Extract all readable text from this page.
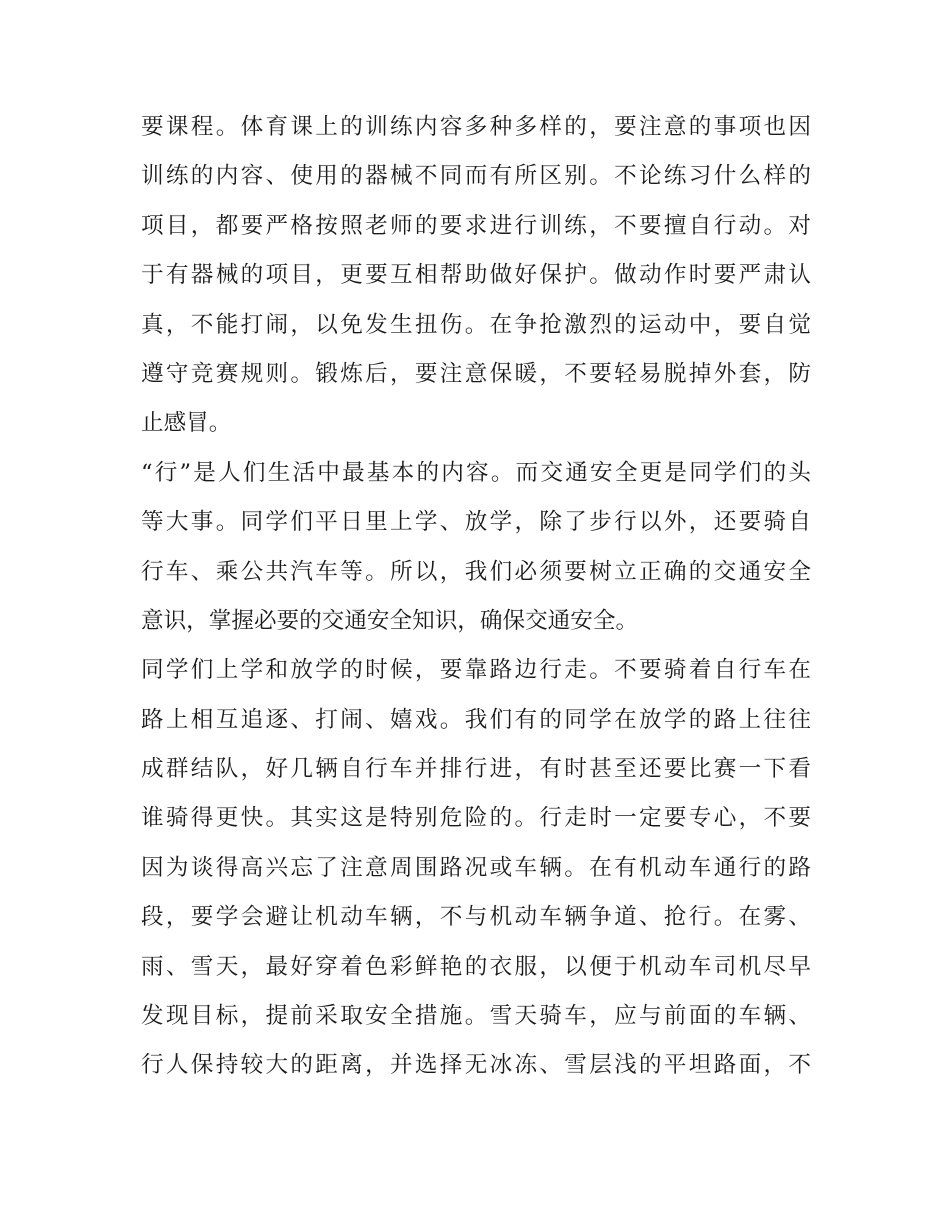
要课程。体育课上的训练内容多种多样的，要注意的事项也因
训练的内容、使用的器械不同而有所区别。不论练习什么样的
项目，都要严格按照老师的要求进行训练，不要擅自行动。对
于有器械的项目，更要互相帮助做好保护。做动作时要严肃认
真，不能打闹，以免发生扭伤。在争抢激烈的运动中，要自觉
遵守竞赛规则。锻炼后，要注意保暖，不要轻易脱掉外套，防
止感冒。
“行”是人们生活中最基本的内容。而交通安全更是同学们的头
等大事。同学们平日里上学、放学，除了步行以外，还要骑自
行车、乘公共汽车等。所以，我们必须要树立正确的交通安全
意识，掌握必要的交通安全知识，确保交通安全。
同学们上学和放学的时候，要靠路边行走。不要骑着自行车在
路上相互追逐、打闹、嬉戏。我们有的同学在放学的路上往往
成群结队，好几辆自行车并排行进，有时甚至还要比赛一下看
谁骑得更快。其实这是特别危险的。行走时一定要专心，不要
因为谈得高兴忘了注意周围路况或车辆。在有机动车通行的路
段，要学会避让机动车辆，不与机动车辆争道、抢行。在雾、
雨、雪天，最好穿着色彩鲜艳的衣服，以便于机动车司机尽早
发现目标，提前采取安全措施。雪天骑车，应与前面的车辆、
行人保持较大的距离，并选择无冰冻、雪层浅的平坦路面，不
